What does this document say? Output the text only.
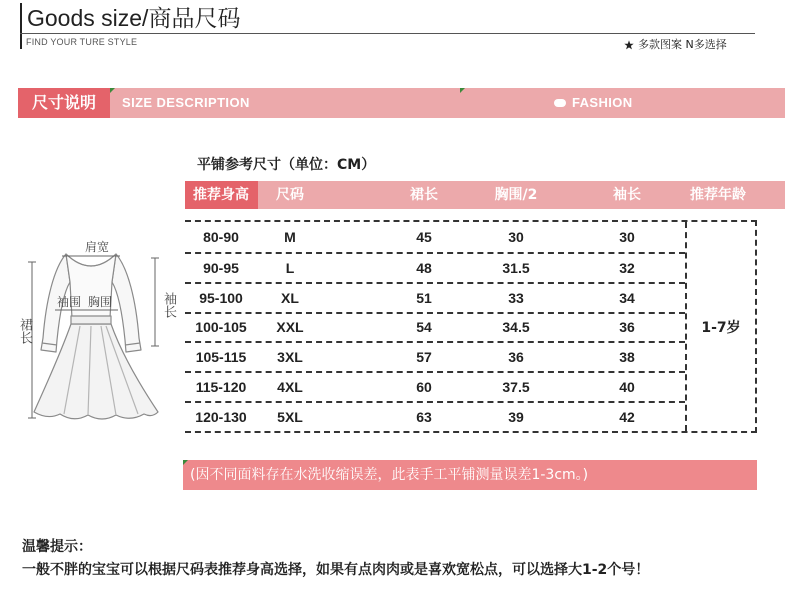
Goods size/商品尺码
FIND YOUR TURE STYLE	多款图案 N多选择
尺寸说明	SIZE DESCRIPTION	FASHION
肩宽
袖围 胸围	袖长
裙长
平铺参考尺寸（单位：CM）
推荐身高	尺码	裙长	胸围/2	袖长	推荐年龄
80-90	M	45	30	30
90-95	L	48	31.5	32
95-100	XL	51	33	34
100-105	XXL	54	34.5	36
105-115	3XL	57	36	38
115-120	4XL	60	37.5	40
120-130	5XL	63	39	42
1-7岁
(因不同面料存在水洗收缩误差，此表手工平铺测量误差1-3cm。)
温馨提示：
一般不胖的宝宝可以根据尺码表推荐身高选择，如果有点肉肉或是喜欢宽松点，可以选择大1-2个号！
